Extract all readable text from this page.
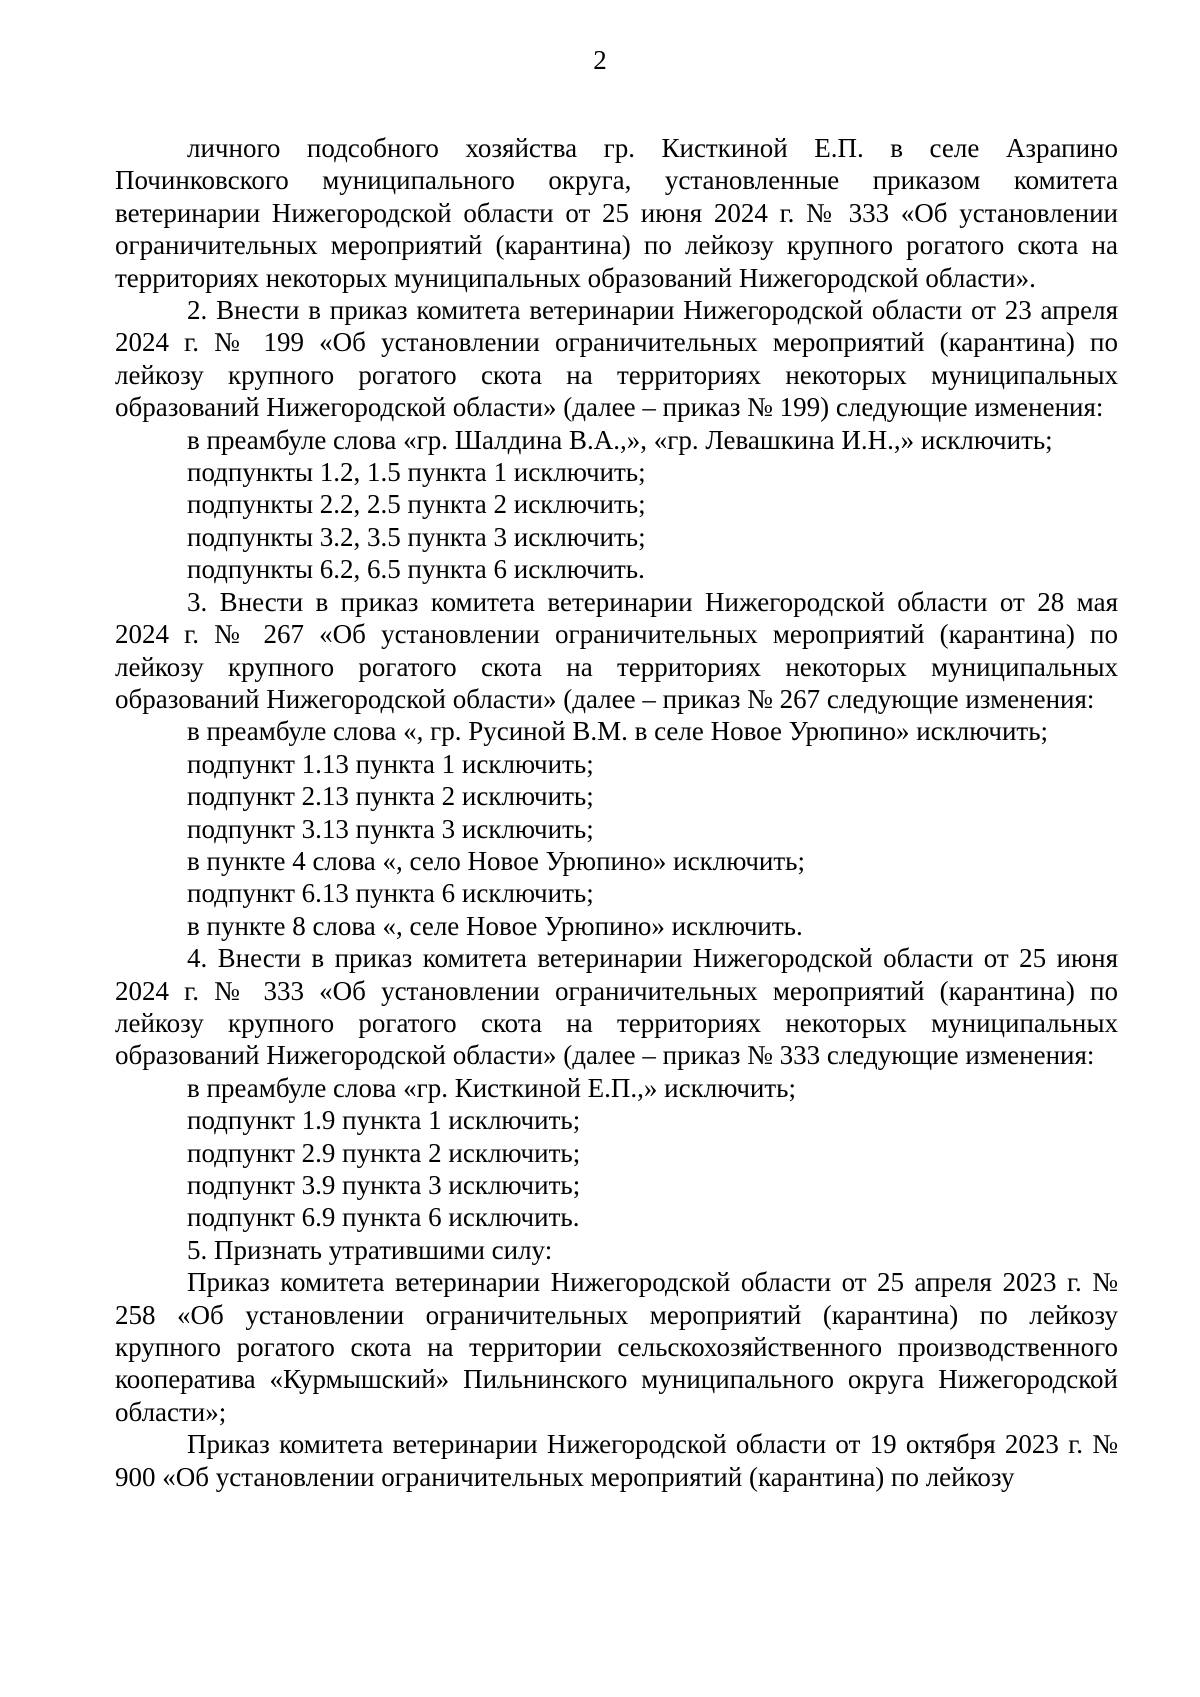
2

личного подсобного хозяйства гр. Кисткиной Е.П. в селе Азрапино Починковского муниципального округа, установленные приказом комитета ветеринарии Нижегородской области от 25 июня 2024 г. № 333 «Об установлении ограничительных мероприятий (карантина) по лейкозу крупного рогатого скота на территориях некоторых муниципальных образований Нижегородской области».

2. Внести в приказ комитета ветеринарии Нижегородской области от 23 апреля 2024 г. № 199 «Об установлении ограничительных мероприятий (карантина) по лейкозу крупного рогатого скота на территориях некоторых муниципальных образований Нижегородской области» (далее – приказ № 199) следующие изменения:

в преамбуле слова «гр. Шалдина В.А.,», «гр. Левашкина И.Н.,» исключить;

подпункты 1.2, 1.5 пункта 1 исключить;

подпункты 2.2, 2.5 пункта 2 исключить;

подпункты 3.2, 3.5 пункта 3 исключить;

подпункты 6.2, 6.5 пункта 6 исключить.

3. Внести в приказ комитета ветеринарии Нижегородской области от 28 мая 2024 г. № 267 «Об установлении ограничительных мероприятий (карантина) по лейкозу крупного рогатого скота на территориях некоторых муниципальных образований Нижегородской области» (далее – приказ № 267 следующие изменения:

в преамбуле слова «, гр. Русиной В.М. в селе Новое Урюпино» исключить;

подпункт 1.13 пункта 1 исключить;

подпункт 2.13 пункта 2 исключить;

подпункт 3.13 пункта 3 исключить;

в пункте 4 слова «, село Новое Урюпино» исключить;

подпункт 6.13 пункта 6 исключить;

в пункте 8 слова «, селе Новое Урюпино» исключить.

4. Внести в приказ комитета ветеринарии Нижегородской области от 25 июня 2024 г. № 333 «Об установлении ограничительных мероприятий (карантина) по лейкозу крупного рогатого скота на территориях некоторых муниципальных образований Нижегородской области» (далее – приказ № 333 следующие изменения:

в преамбуле слова «гр. Кисткиной Е.П.,» исключить;

подпункт 1.9 пункта 1 исключить;

подпункт 2.9 пункта 2 исключить;

подпункт 3.9 пункта 3 исключить;

подпункт 6.9 пункта 6 исключить.

5. Признать утратившими силу:

Приказ комитета ветеринарии Нижегородской области от 25 апреля 2023 г. № 258 «Об установлении ограничительных мероприятий (карантина) по лейкозу крупного рогатого скота на территории сельскохозяйственного производственного кооператива «Курмышский» Пильнинского муниципального округа Нижегородской области»;

Приказ комитета ветеринарии Нижегородской области от 19 октября 2023 г. № 900 «Об установлении ограничительных мероприятий (карантина) по лейкозу
